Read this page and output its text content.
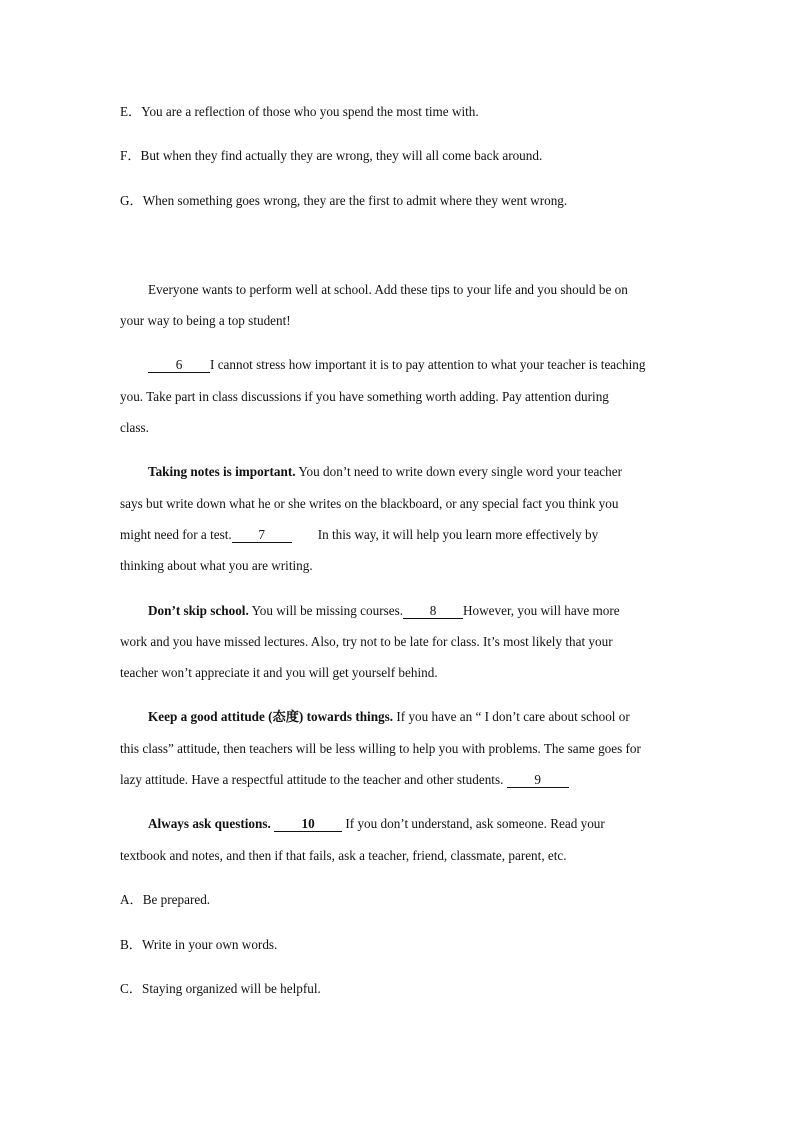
E．You are a reflection of those who you spend the most time with.
F．But when they find actually they are wrong, they will all come back around.
G．When something goes wrong, they are the first to admit where they went wrong.
Everyone wants to perform well at school. Add these tips to your life and you should be on
your way to being a top student!
6 I cannot stress how important it is to pay attention to what your teacher is teaching
you. Take part in class discussions if you have something worth adding. Pay attention during
class.
Taking notes is important. You don’t need to write down every single word your teacher
says but write down what he or she writes on the blackboard, or any special fact you think you
might need for a test. 7	In this way, it will help you learn more effectively by
thinking about what you are writing.
Don’t skip school. You will be missing courses. 8 However, you will have more
work and you have missed lectures. Also, try not to be late for class. It’s most likely that your
teacher won’t appreciate it and you will get yourself behind.
Keep a good attitude (态度) towards things. If you have an “ I don’t care about school or
this class” attitude, then teachers will be less willing to help you with problems. The same goes for
lazy attitude. Have a respectful attitude to the teacher and other students. 9
Always ask questions. 10 If you don’t understand, ask someone. Read your
textbook and notes, and then if that fails, ask a teacher, friend, classmate, parent, etc.
A．Be prepared.
B．Write in your own words.
C．Staying organized will be helpful.
